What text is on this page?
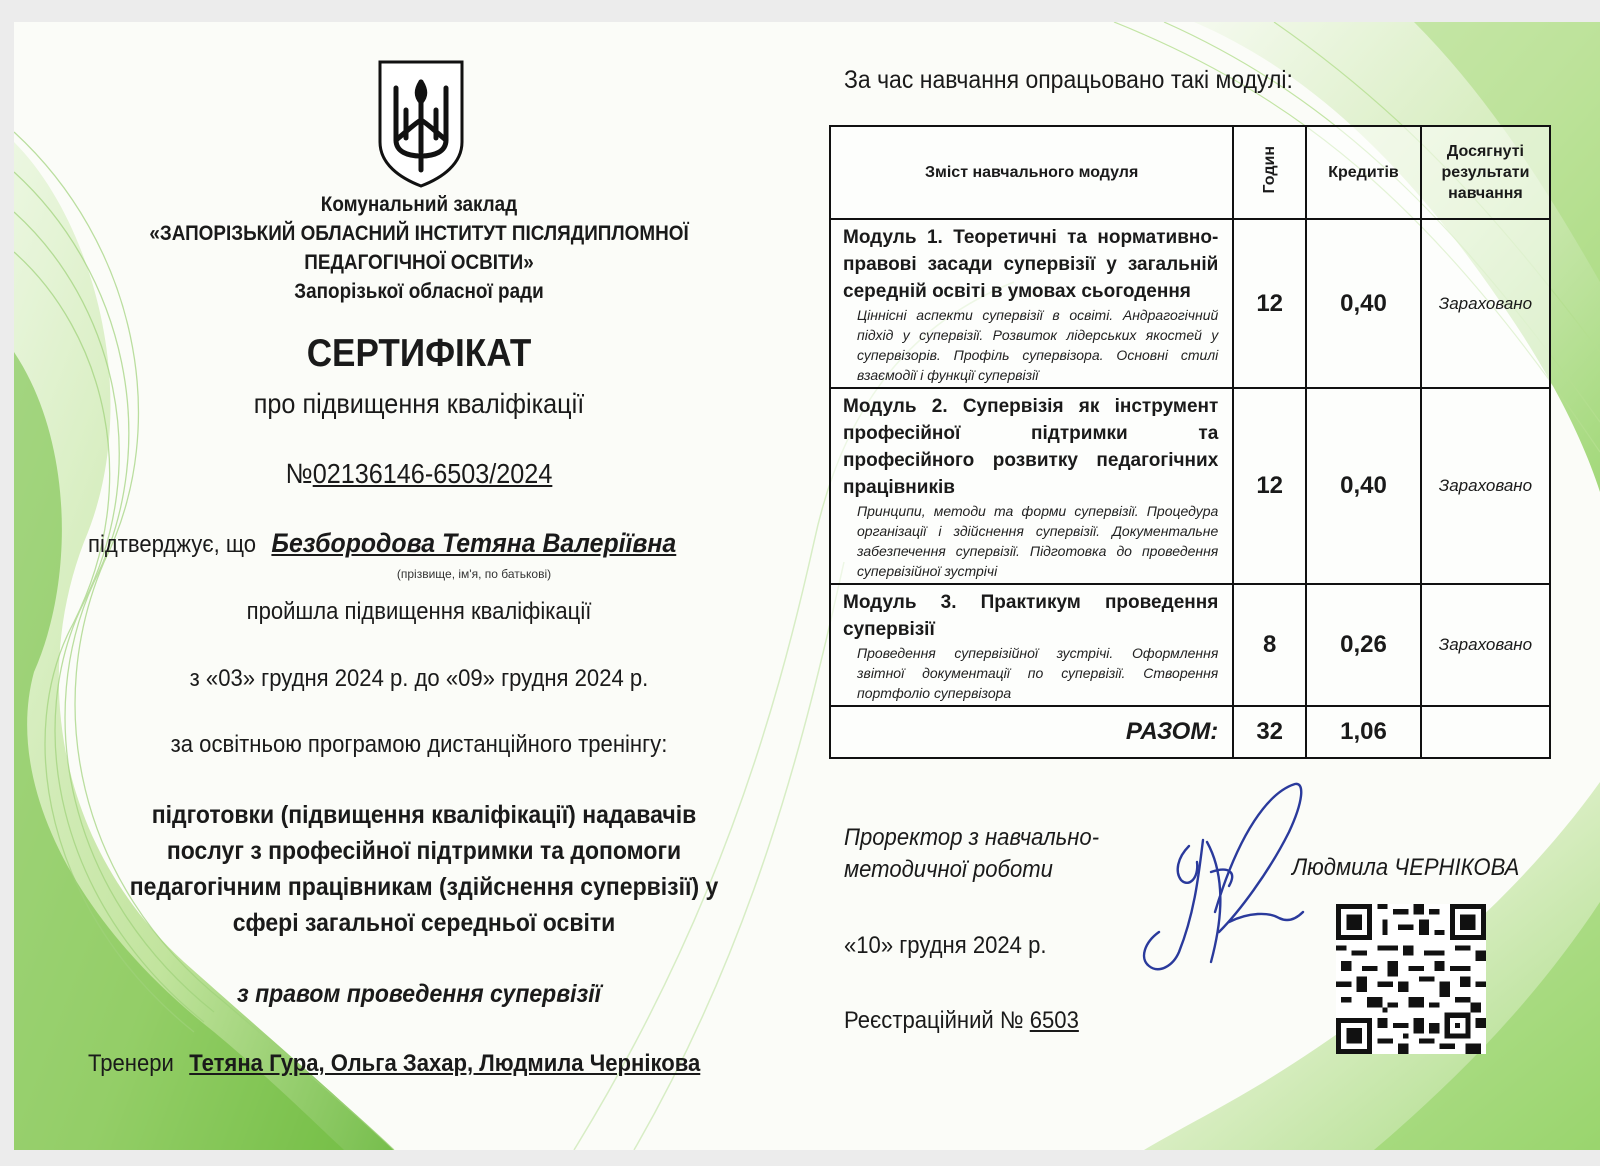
Комунальний заклад
«ЗАПОРІЗЬКИЙ ОБЛАСНИЙ ІНСТИТУТ ПІСЛЯДИПЛОМНОЇ
ПЕДАГОГІЧНОЇ ОСВІТИ»
Запорізької обласної ради
СЕРТИФІКАТ
про підвищення кваліфікації
№02136146-6503/2024
підтверджує, що Безбородова Тетяна Валеріївна
(прізвище, ім'я, по батькові)
пройшла підвищення кваліфікації
з «03» грудня 2024 р. до «09» грудня 2024 р.
за освітньою програмою дистанційного тренінгу:
підготовки (підвищення кваліфікації) надавачів
послуг з професійної підтримки та допомоги
педагогічним працівникам (здійснення супервізії) у
сфері загальної середньої освіти
з правом проведення супервізії
Тренери Тетяна Гура, Ольга Захар, Людмила Чернікова
За час навчання опрацьовано такі модулі:
Зміст навчального модуля	Годин	Кредитів	Досягнуті результати навчання

Модуль 1. Теоретичні та нормативно-правові засади супервізії у загальній середній освіті в умовах сьогодення
Ціннісні аспекти супервізії в освіті. Андрагогічний підхід у супервізії. Розвиток лідерських якостей у супервізорів. Профіль супервізора. Основні стилі взаємодії і функції супервізії	12	0,40	Зараховано

Модуль 2. Супервізія як інструмент професійної підтримки та професійного розвитку педагогічних працівників
Принципи, методи та форми супервізії. Процедура організації і здійснення супервізії. Документальне забезпечення супервізії. Підготовка до проведення супервізійної зустрічі	12	0,40	Зараховано

Модуль 3. Практикум проведення супервізії
Проведення супервізійної зустрічі. Оформлення звітної документації по супервізії. Створення портфоліо супервізора	8	0,26	Зараховано
РАЗОМ:	32	1,06	
Проректор з навчально-
методичної роботи	Людмила ЧЕРНІКОВА
«10» грудня 2024 р.
Реєстраційний № 6503
